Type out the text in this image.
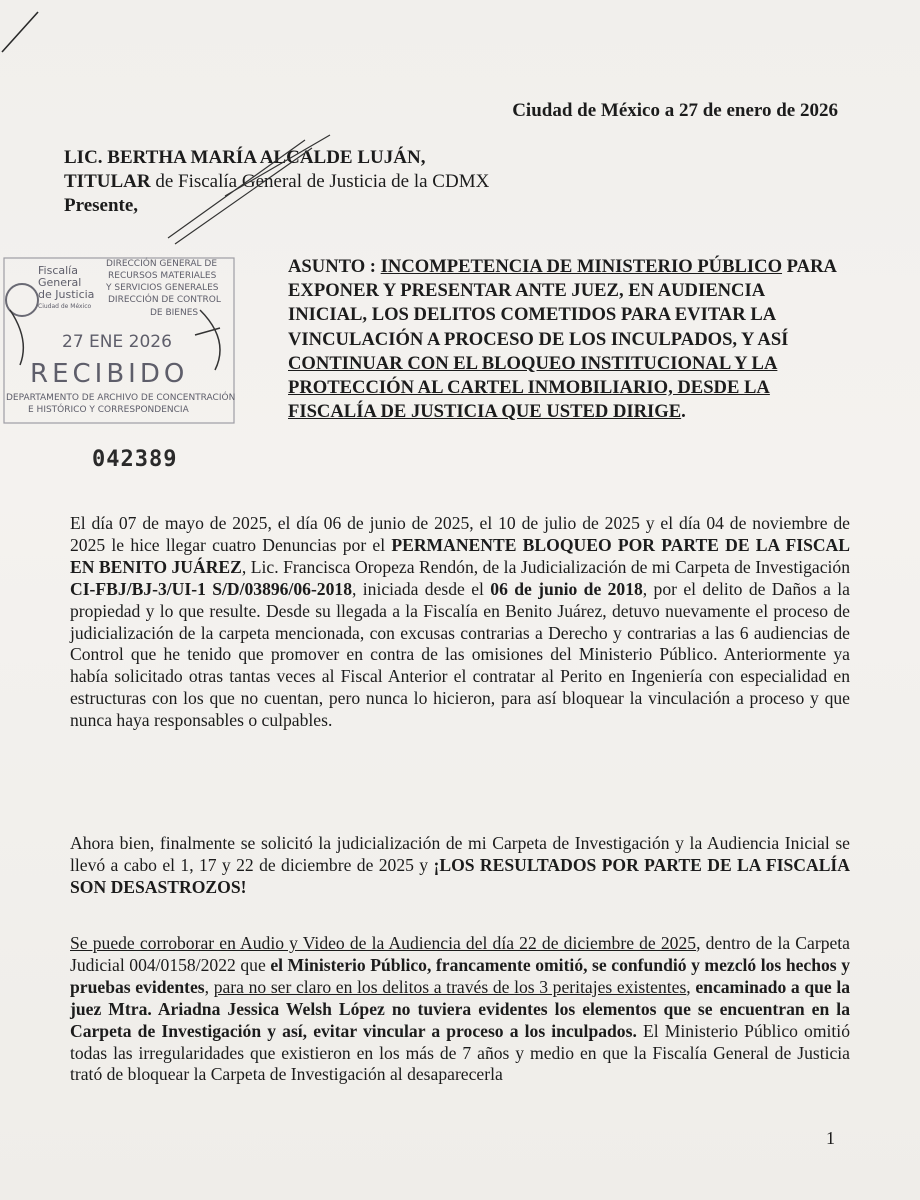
Ciudad de México a 27 de enero de 2026
LIC. BERTHA MARÍA ALCALDE LUJÁN,
TITULAR de Fiscalía General de Justicia de la CDMX
Presente,
Fiscalía
General
de Justicia
Ciudad de México
DIRECCIÓN GENERAL DE
RECURSOS MATERIALES
Y SERVICIOS GENERALES
DIRECCIÓN DE CONTROL
DE BIENES
27 ENE 2026
RECIBIDO
DEPARTAMENTO DE ARCHIVO DE CONCENTRACIÓN
E HISTÓRICO Y CORRESPONDENCIA
042389
ASUNTO : INCOMPETENCIA DE MINISTERIO PÚBLICO PARA EXPONER Y PRESENTAR ANTE JUEZ, EN AUDIENCIA INICIAL, LOS DELITOS COMETIDOS PARA EVITAR LA VINCULACIÓN A PROCESO DE LOS INCULPADOS, Y ASÍ CONTINUAR CON EL BLOQUEO INSTITUCIONAL Y LA PROTECCIÓN AL CARTEL INMOBILIARIO, DESDE LA FISCALÍA DE JUSTICIA QUE USTED DIRIGE.
El día 07 de mayo de 2025, el día 06 de junio de 2025, el 10 de julio de 2025 y el día 04 de noviembre de 2025 le hice llegar cuatro Denuncias por el PERMANENTE BLOQUEO POR PARTE DE LA FISCAL EN BENITO JUÁREZ, Lic. Francisca Oropeza Rendón, de la Judicialización de mi Carpeta de Investigación CI-FBJ/BJ-3/UI-1 S/D/03896/06-2018, iniciada desde el 06 de junio de 2018, por el delito de Daños a la propiedad y lo que resulte. Desde su llegada a la Fiscalía en Benito Juárez, detuvo nuevamente el proceso de judicialización de la carpeta mencionada, con excusas contrarias a Derecho y contrarias a las 6 audiencias de Control que he tenido que promover en contra de las omisiones del Ministerio Público. Anteriormente ya había solicitado otras tantas veces al Fiscal Anterior el contratar al Perito en Ingeniería con especialidad en estructuras con los que no cuentan, pero nunca lo hicieron, para así bloquear la vinculación a proceso y que nunca haya responsables o culpables.
Ahora bien, finalmente se solicitó la judicialización de mi Carpeta de Investigación y la Audiencia Inicial se llevó a cabo el 1, 17 y 22 de diciembre de 2025 y ¡LOS RESULTADOS POR PARTE DE LA FISCALÍA SON DESASTROZOS!
Se puede corroborar en Audio y Video de la Audiencia del día 22 de diciembre de 2025, dentro de la Carpeta Judicial 004/0158/2022 que el Ministerio Público, francamente omitió, se confundió y mezcló los hechos y pruebas evidentes, para no ser claro en los delitos a través de los 3 peritajes existentes, encaminado a que la juez Mtra. Ariadna Jessica Welsh López no tuviera evidentes los elementos que se encuentran en la Carpeta de Investigación y así, evitar vincular a proceso a los inculpados. El Ministerio Público omitió todas las irregularidades que existieron en los más de 7 años y medio en que la Fiscalía General de Justicia trató de bloquear la Carpeta de Investigación al desaparecerla
1
